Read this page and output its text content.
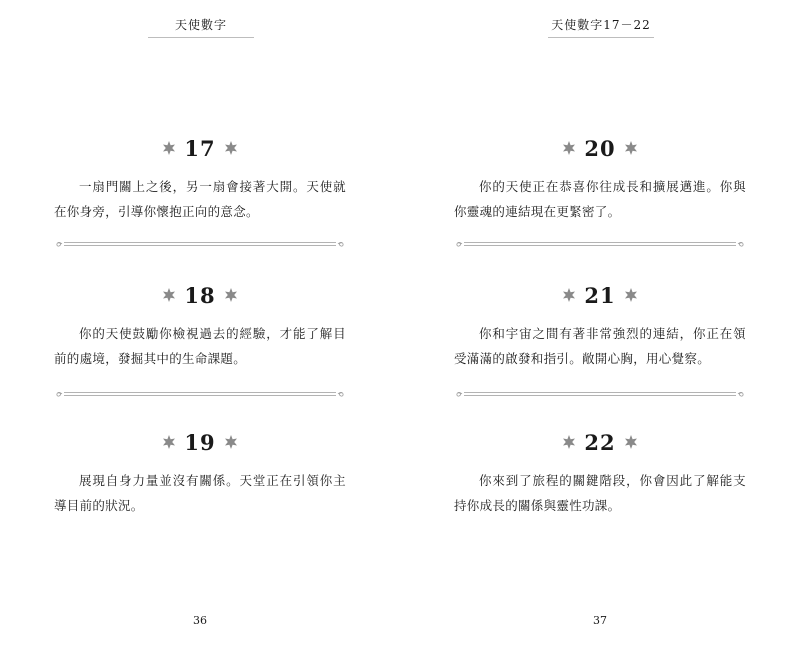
天使數字
17
一扇門關上之後，另一扇會接著大開。天使就在你身旁，引導你懷抱正向的意念。
18
你的天使鼓勵你檢視過去的經驗，才能了解目前的處境，發掘其中的生命課題。
19
展現自身力量並沒有關係。天堂正在引領你主導目前的狀況。
36
天使數字17－22
20
你的天使正在恭喜你往成長和擴展邁進。你與你靈魂的連結現在更緊密了。
21
你和宇宙之間有著非常強烈的連結，你正在領受滿滿的啟發和指引。敞開心胸，用心覺察。
22
你來到了旅程的關鍵階段，你會因此了解能支持你成長的關係與靈性功課。
37
